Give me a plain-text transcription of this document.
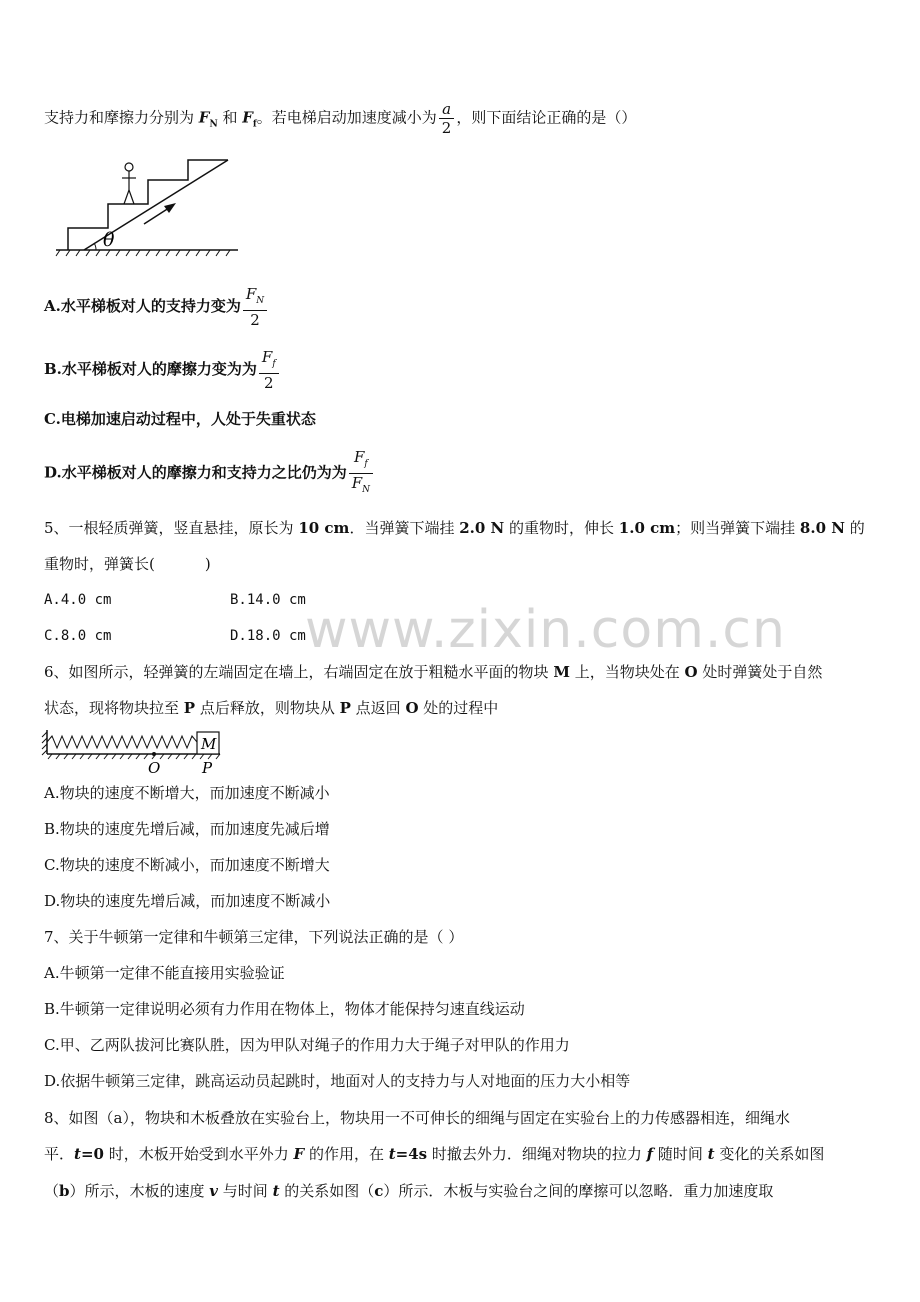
www.zixin.com.cn
支持力和摩擦力分别为 $F_N$ 和 $F_f$。若电梯启动加速度减小为 $\frac{a}{2}$ ，则下面结论正确的是（）
θ
A.水平梯板对人的支持力变为 $\frac{F_N}{2}$
B.水平梯板对人的摩擦力变为为 $\frac{F_f}{2}$
C.电梯加速启动过程中，人处于失重状态
D.水平梯板对人的摩擦力和支持力之比仍为为 $\frac{F_f}{F_N}$
5、一根轻质弹簧，竖直悬挂，原长为 10 cm．当弹簧下端挂 2.0 N 的重物时，伸长 1.0 cm；则当弹簧下端挂 8.0 N 的
重物时，弹簧长(	)
A.4.0 cm	B.14.0 cm
C.8.0 cm	D.18.0 cm
6、如图所示，轻弹簧的左端固定在墙上，右端固定在放于粗糙水平面的物块 M 上，当物块处在 O 处时弹簧处于自然
状态，现将物块拉至 P 点后释放，则物块从 P 点返回 O 处的过程中
M
O	P
A.物块的速度不断增大，而加速度不断减小
B.物块的速度先增后减，而加速度先减后增
C.物块的速度不断减小，而加速度不断增大
D.物块的速度先增后减，而加速度不断减小
7、关于牛顿第一定律和牛顿第三定律，下列说法正确的是（ ）
A.牛顿第一定律不能直接用实验验证
B.牛顿第一定律说明必须有力作用在物体上，物体才能保持匀速直线运动
C.甲、乙两队拔河比赛队胜，因为甲队对绳子的作用力大于绳子对甲队的作用力
D.依据牛顿第三定律，跳高运动员起跳时，地面对人的支持力与人对地面的压力大小相等
8、如图（a），物块和木板叠放在实验台上，物块用一不可伸长的细绳与固定在实验台上的力传感器相连，细绳水
平．t=0 时，木板开始受到水平外力 F 的作用，在 t=4s 时撤去外力．细绳对物块的拉力 f 随时间 t 变化的关系如图
（b）所示，木板的速度 v 与时间 t 的关系如图（c）所示．木板与实验台之间的摩擦可以忽略．重力加速度取
